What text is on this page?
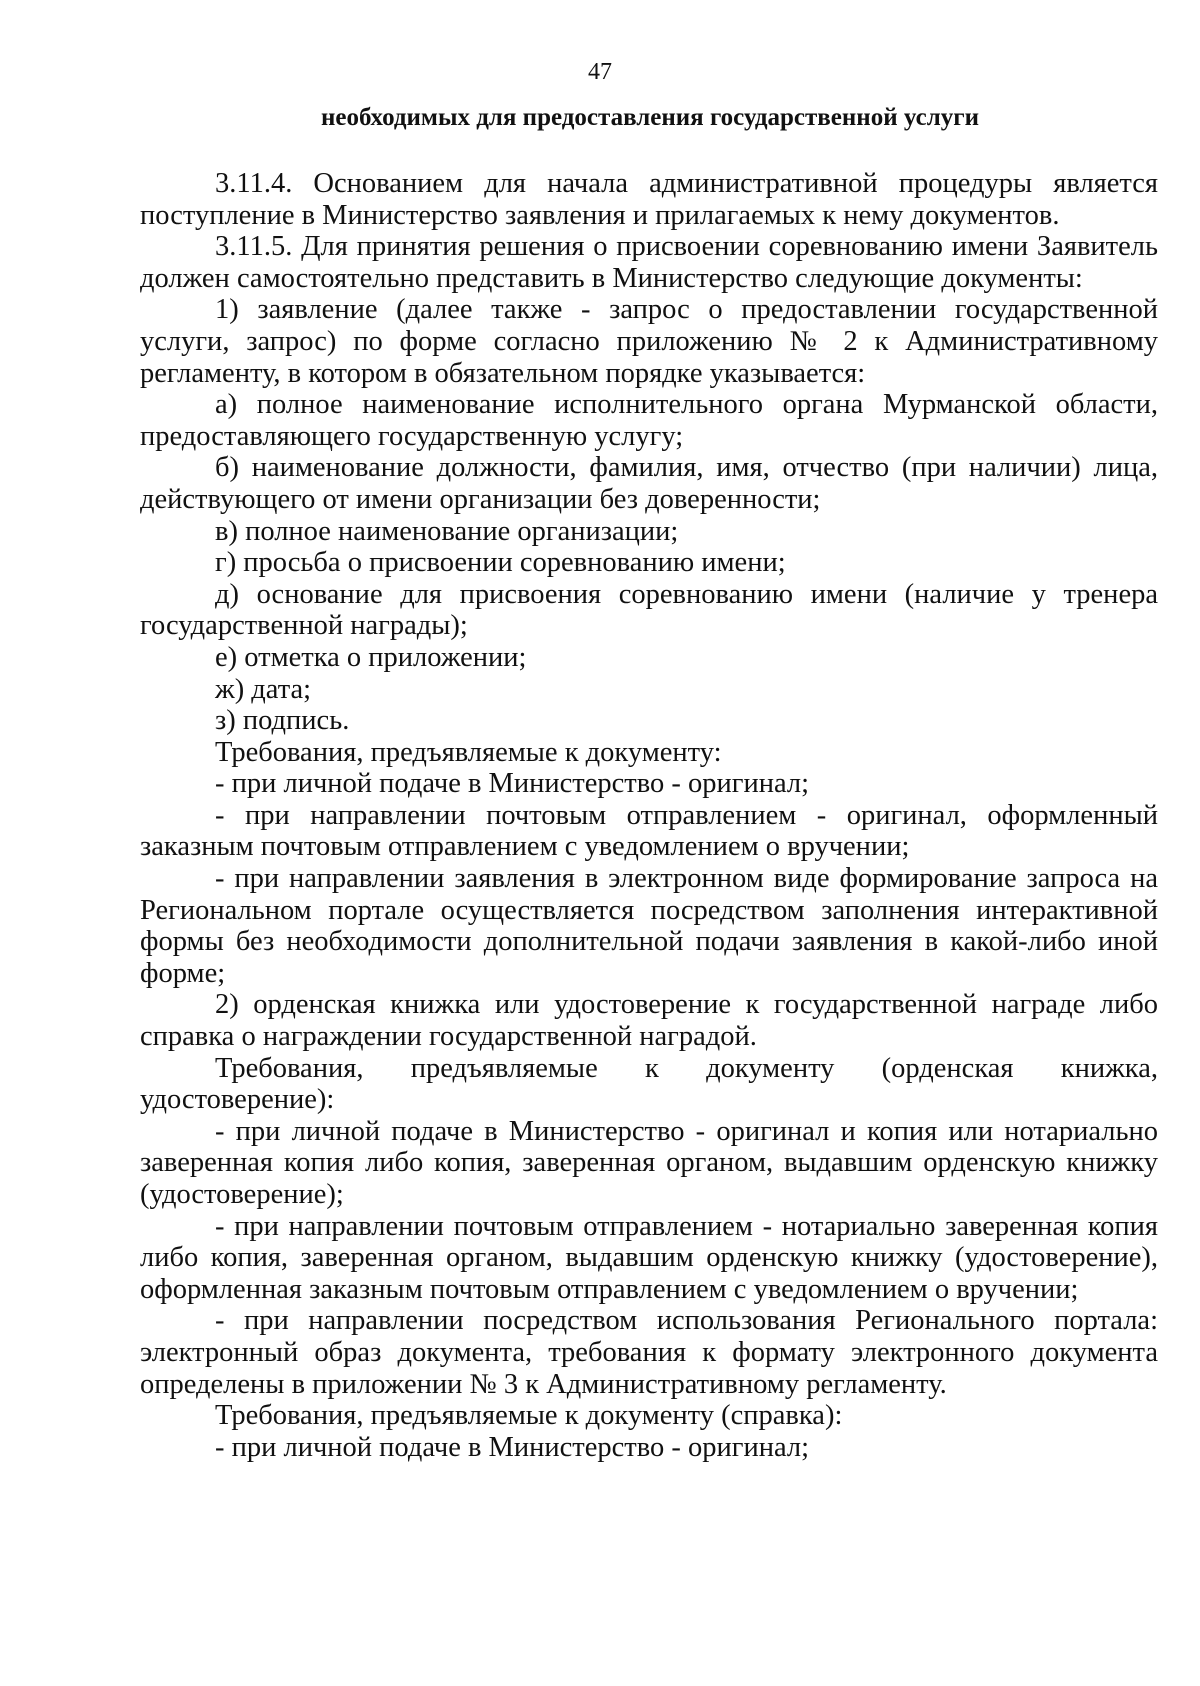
47
необходимых для предоставления государственной услуги

3.11.4. Основанием для начала административной процедуры является поступление в Министерство заявления и прилагаемых к нему документов.

3.11.5. Для принятия решения о присвоении соревнованию имени Заявитель должен самостоятельно представить в Министерство следующие документы:

1) заявление (далее также - запрос о предоставлении государственной услуги, запрос) по форме согласно приложению № 2 к Административному регламенту, в котором в обязательном порядке указывается:

а) полное наименование исполнительного органа Мурманской области, предоставляющего государственную услугу;

б) наименование должности, фамилия, имя, отчество (при наличии) лица, действующего от имени организации без доверенности;

в) полное наименование организации;

г) просьба о присвоении соревнованию имени;

д) основание для присвоения соревнованию имени (наличие у тренера государственной награды);

е) отметка о приложении;

ж) дата;

з) подпись.

Требования, предъявляемые к документу:

- при личной подаче в Министерство - оригинал;

- при направлении почтовым отправлением - оригинал, оформленный заказным почтовым отправлением с уведомлением о вручении;

- при направлении заявления в электронном виде формирование запроса на Региональном портале осуществляется посредством заполнения интерактивной формы без необходимости дополнительной подачи заявления в какой-либо иной форме;

2) орденская книжка или удостоверение к государственной награде либо справка о награждении государственной наградой.

Требования, предъявляемые к документу (орденская книжка, удостоверение):

- при личной подаче в Министерство - оригинал и копия или нотариально заверенная копия либо копия, заверенная органом, выдавшим орденскую книжку (удостоверение);

- при направлении почтовым отправлением - нотариально заверенная копия либо копия, заверенная органом, выдавшим орденскую книжку (удостоверение), оформленная заказным почтовым отправлением с уведомлением о вручении;

- при направлении посредством использования Регионального портала: электронный образ документа, требования к формату электронного документа определены в приложении № 3 к Административному регламенту.

Требования, предъявляемые к документу (справка):

- при личной подаче в Министерство - оригинал;
